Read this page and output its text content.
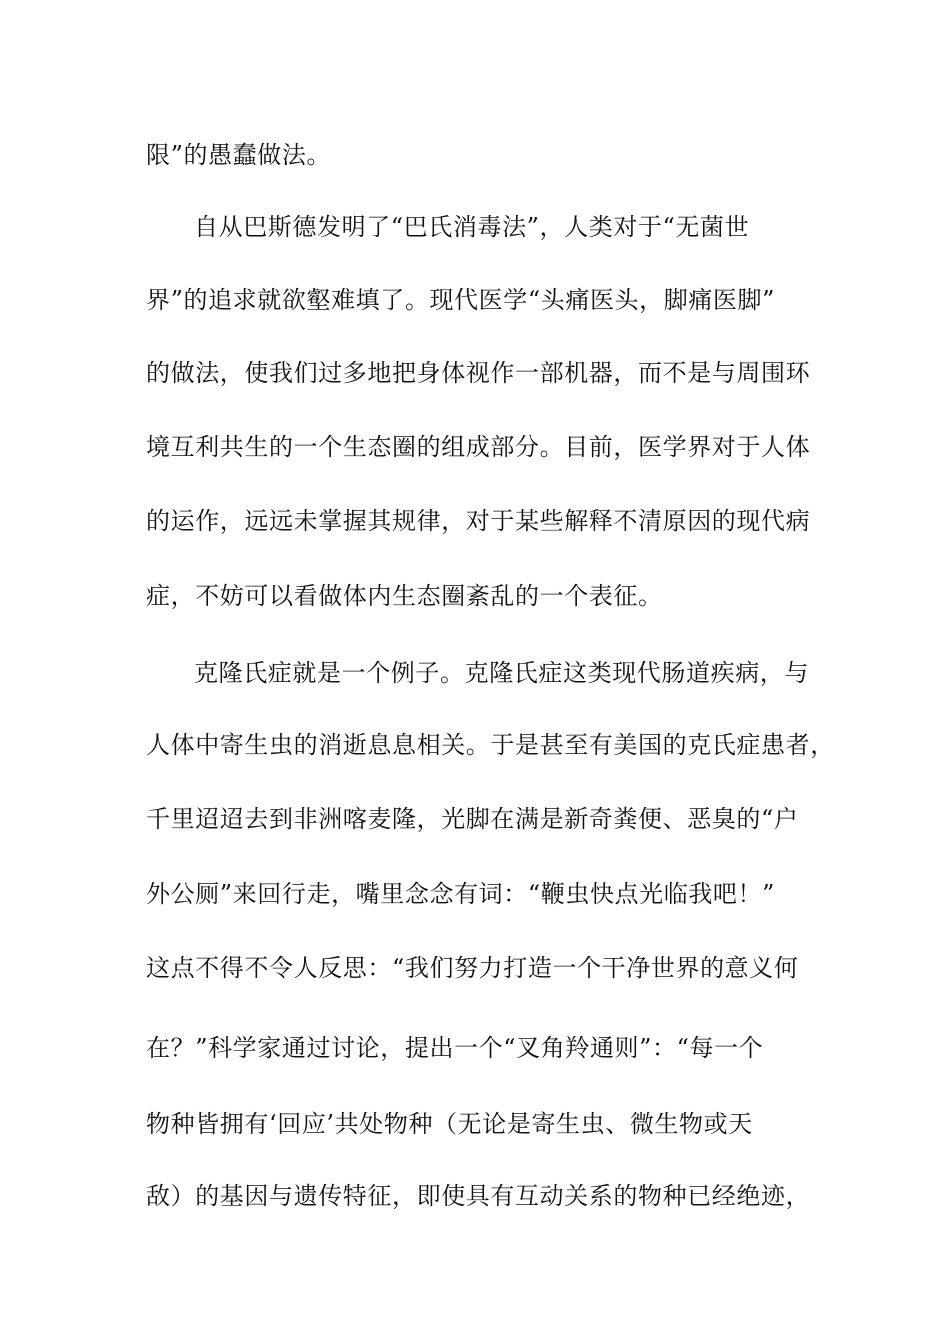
限”的愚蠢做法。
自从巴斯德发明了“巴氏消毒法”，人类对于“无菌世
界”的追求就欲壑难填了。现代医学“头痛医头，脚痛医脚”
的做法，使我们过多地把身体视作一部机器，而不是与周围环
境互利共生的一个生态圈的组成部分。目前，医学界对于人体
的运作，远远未掌握其规律，对于某些解释不清原因的现代病
症，不妨可以看做体内生态圈紊乱的一个表征。
克隆氏症就是一个例子。克隆氏症这类现代肠道疾病，与
人体中寄生虫的消逝息息相关。于是甚至有美国的克氏症患者，
千里迢迢去到非洲喀麦隆，光脚在满是新奇粪便、恶臭的“户
外公厕”来回行走，嘴里念念有词：“鞭虫快点光临我吧！”
这点不得不令人反思：“我们努力打造一个干净世界的意义何
在？”科学家通过讨论，提出一个“叉角羚通则”：“每一个
物种皆拥有‘回应’共处物种（无论是寄生虫、微生物或天
敌）的基因与遗传特征，即使具有互动关系的物种已经绝迹，
